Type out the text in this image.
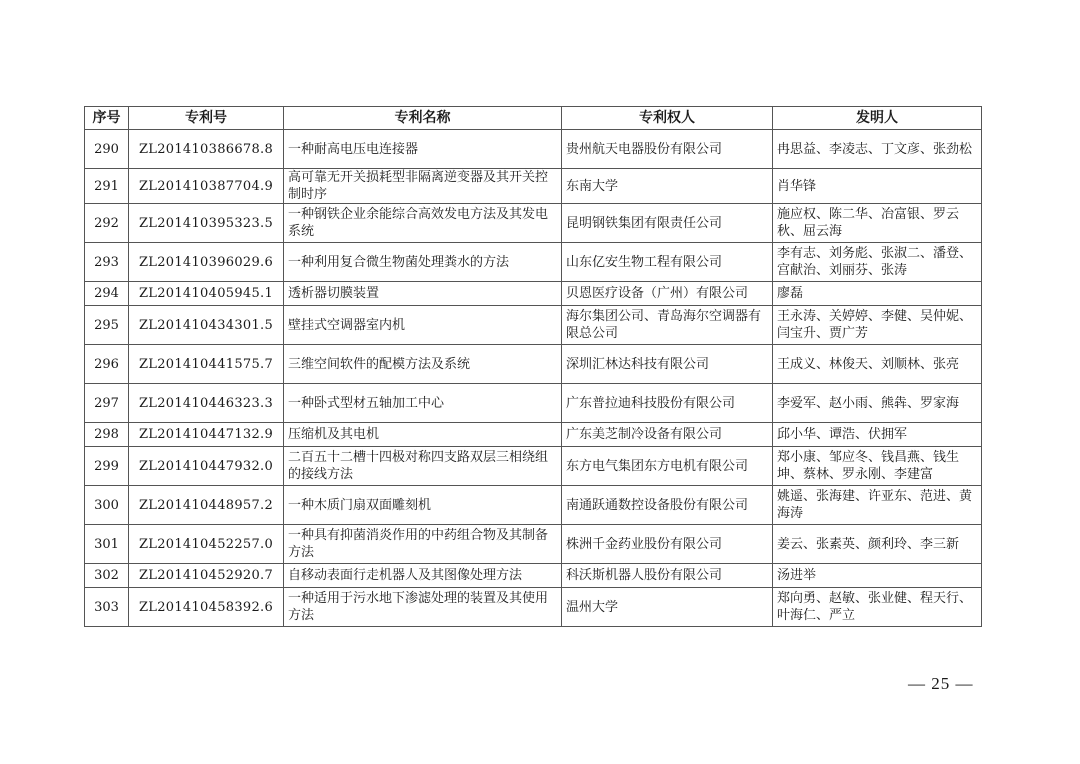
序号	专利号	专利名称	专利权人	发明人
290	ZL201410386678.8	一种耐高电压电连接器	贵州航天电器股份有限公司	冉思益、李凌志、丁文彦、张劲松
291	ZL201410387704.9	高可靠无开关损耗型非隔离逆变器及其开关控制时序	东南大学	肖华锋
292	ZL201410395323.5	一种钢铁企业余能综合高效发电方法及其发电系统	昆明钢铁集团有限责任公司	施应权、陈二华、冶富银、罗云秋、屈云海
293	ZL201410396029.6	一种利用复合微生物菌处理粪水的方法	山东亿安生物工程有限公司	李有志、刘务彪、张淑二、潘登、宫献治、刘丽芬、张涛
294	ZL201410405945.1	透析器切膜装置	贝恩医疗设备（广州）有限公司	廖磊
295	ZL201410434301.5	壁挂式空调器室内机	海尔集团公司、青岛海尔空调器有限总公司	王永涛、关婷婷、李健、吴仲妮、闫宝升、贾广芳
296	ZL201410441575.7	三维空间软件的配模方法及系统	深圳汇林达科技有限公司	王成义、林俊天、刘顺林、张亮
297	ZL201410446323.3	一种卧式型材五轴加工中心	广东普拉迪科技股份有限公司	李爱军、赵小雨、熊犇、罗家海
298	ZL201410447132.9	压缩机及其电机	广东美芝制冷设备有限公司	邱小华、谭浩、伏拥军
299	ZL201410447932.0	二百五十二槽十四极对称四支路双层三相绕组的接线方法	东方电气集团东方电机有限公司	郑小康、邹应冬、钱昌燕、钱生坤、蔡林、罗永刚、李建富
300	ZL201410448957.2	一种木质门扇双面雕刻机	南通跃通数控设备股份有限公司	姚遥、张海建、许亚东、范进、黄海涛
301	ZL201410452257.0	一种具有抑菌消炎作用的中药组合物及其制备方法	株洲千金药业股份有限公司	姜云、张素英、颜利玲、李三新
302	ZL201410452920.7	自移动表面行走机器人及其图像处理方法	科沃斯机器人股份有限公司	汤进举
303	ZL201410458392.6	一种适用于污水地下渗滤处理的装置及其使用方法	温州大学	郑向勇、赵敏、张业健、程天行、叶海仁、严立
— 25 —
